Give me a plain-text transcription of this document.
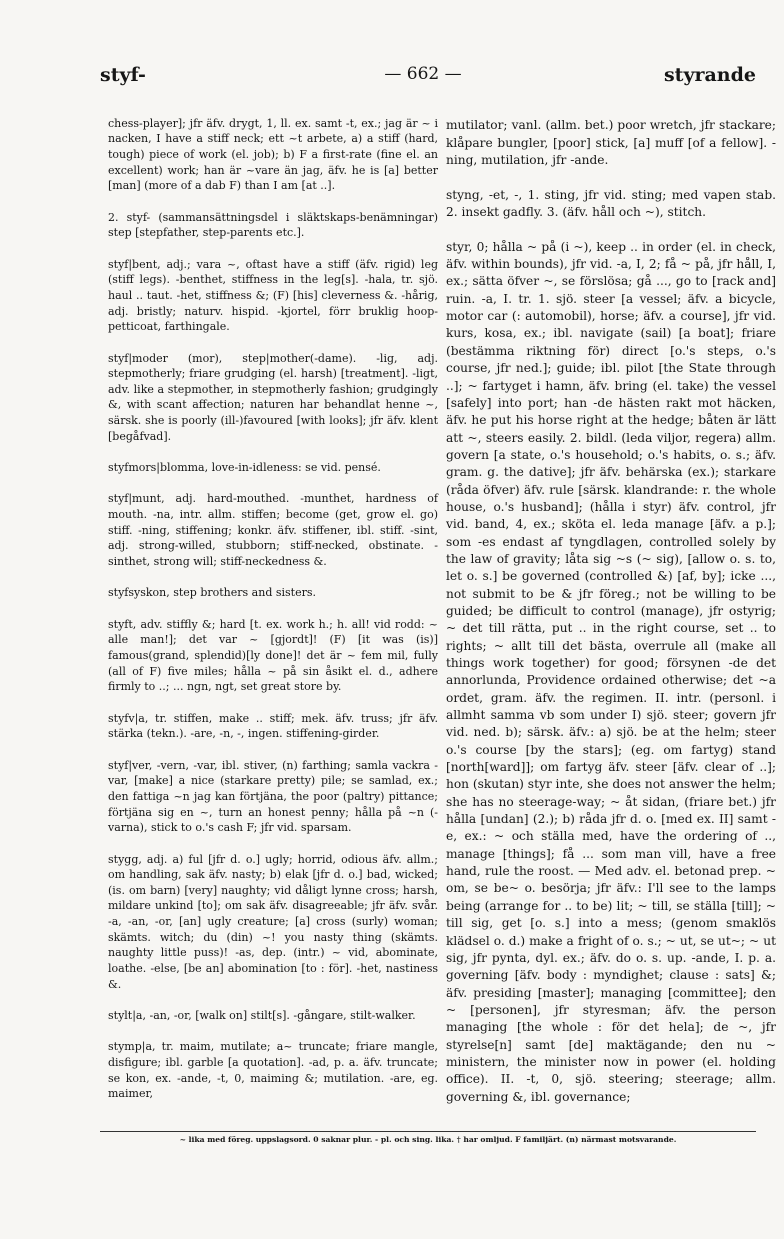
styf-	— 662 —	styrande

chess-player]; jfr äfv. drygt, 1, ll. ex. samt -t, ex.; jag är ~ i nacken, I have a stiff neck; ett ~t arbete, a) a stiff (hard, tough) piece of work (el. job); b) F a first-rate (fine el. an excellent) work; han är ~vare än jag, äfv. he is [a] better [man] (more of a dab F) than I am [at ..].

2. styf- (sammansättningsdel i släktskaps-benämningar) step [stepfather, step-parents etc.].

styf|bent, adj.; vara ~, oftast have a stiff (äfv. rigid) leg (stiff legs). -benthet, stiffness in the leg[s]. -hala, tr. sjö. haul .. taut. -het, stiffness &; (F) [his] cleverness &. -hårig, adj. bristly; naturv. hispid. -kjortel, förr bruklig hoop-petticoat, farthingale.

styf|moder (mor), step|mother(-dame). -lig, adj. stepmotherly; friare grudging (el. harsh) [treatment]. -ligt, adv. like a stepmother, in stepmotherly fashion; grudgingly &, with scant affection; naturen har behandlat henne ~, särsk. she is poorly (ill-)favoured [with looks]; jfr äfv. klent [begåfvad].

styfmors|blomma, love-in-idleness: se vid. pensé.

styf|munt, adj. hard-mouthed. -munthet, hardness of mouth. -na, intr. allm. stiffen; become (get, grow el. go) stiff. -ning, stiffening; konkr. äfv. stiffener, ibl. stiff. -sint, adj. strong-willed, stubborn; stiff-necked, obstinate. -sinthet, strong will; stiff-neckedness &.

styfsyskon, step brothers and sisters.

styft, adv. stiffly &; hard [t. ex. work h.; h. all! vid rodd: ~ alle man!]; det var ~ [gjordt]! (F) [it was (is)] famous(grand, splendid)[ly done]! det är ~ fem mil, fully (all of F) five miles; hålla ~ på sin åsikt el. d., adhere firmly to ..; ... ngn, ngt, set great store by.

styfv|a, tr. stiffen, make .. stiff; mek. äfv. truss; jfr äfv. stärka (tekn.). -are, -n, -, ingen. stiffening-girder.

styf|ver, -vern, -var, ibl. stiver, (n) farthing; samla vackra -var, [make] a nice (starkare pretty) pile; se samlad, ex.; den fattiga ~n jag kan förtjäna, the poor (paltry) pittance; förtjäna sig en ~, turn an honest penny; hålla på ~n (-varna), stick to o.'s cash F; jfr vid. sparsam.

stygg, adj. a) ful [jfr d. o.] ugly; horrid, odious äfv. allm.; om handling, sak äfv. nasty; b) elak [jfr d. o.] bad, wicked; (is. om barn) [very] naughty; vid dåligt lynne cross; harsh, mildare unkind [to]; om sak äfv. disagreeable; jfr äfv. svår. -a, -an, -or, [an] ugly creature; [a] cross (surly) woman; skämts. witch; du (din) ~! you nasty thing (skämts. naughty little puss)! -as, dep. (intr.) ~ vid, abominate, loathe. -else, [be an] abomination [to : för]. -het, nastiness &.

stylt|a, -an, -or, [walk on] stilt[s]. -gångare, stilt-walker.

stymp|a, tr. maim, mutilate; a~ truncate; friare mangle, disfigure; ibl. garble [a quotation]. -ad, p. a. äfv. truncate; se kon, ex. -ande, -t, 0, maiming &; mutilation. -are, eg. maimer,

mutilator; vanl. (allm. bet.) poor wretch, jfr stackare; klåpare bungler, [poor] stick, [a] muff [of a fellow]. -ning, mutilation, jfr -ande.

styng, -et, -, 1. sting, jfr vid. sting; med vapen stab. 2. insekt gadfly. 3. (äfv. håll och ~), stitch.

styr, 0; hålla ~ på (i ~), keep .. in order (el. in check, äfv. within bounds), jfr vid. -a, I, 2; få ~ på, jfr håll, I, ex.; sätta öfver ~, se förslösa; gå ..., go to [rack and] ruin. -a, I. tr. 1. sjö. steer [a vessel; äfv. a bicycle, motor car (: automobil), horse; äfv. a course], jfr vid. kurs, kosa, ex.; ibl. navigate (sail) [a boat]; friare (bestämma riktning för) direct [o.'s steps, o.'s course, jfr ned.]; guide; ibl. pilot [the State through ..]; ~ fartyget i hamn, äfv. bring (el. take) the vessel [safely] into port; han -de hästen rakt mot häcken, äfv. he put his horse right at the hedge; båten är lätt att ~, steers easily. 2. bildl. (leda viljor, regera) allm. govern [a state, o.'s household; o.'s habits, o. s.; äfv. gram. g. the dative]; jfr äfv. behärska (ex.); starkare (råda öfver) äfv. rule [särsk. klandrande: r. the whole house, o.'s husband]; (hålla i styr) äfv. control, jfr vid. band, 4, ex.; sköta el. leda manage [äfv. a p.]; som -es endast af tyngdlagen, controlled solely by the law of gravity; låta sig ~s (~ sig), [allow o. s. to, let o. s.] be governed (controlled &) [af, by]; icke ..., not submit to be & jfr föreg.; not be willing to be guided; be difficult to control (manage), jfr ostyrig; ~ det till rätta, put .. in the right course, set .. to rights; ~ allt till det bästa, overrule all (make all things work together) for good; försynen -de det annorlunda, Providence ordained otherwise; det ~a ordet, gram. äfv. the regimen. II. intr. (personl. i allmht samma vb som under I) sjö. steer; govern jfr vid. ned. b); särsk. äfv.: a) sjö. be at the helm; steer o.'s course [by the stars]; (eg. om fartyg) stand [north[ward]]; om fartyg äfv. steer [äfv. clear of ..]; hon (skutan) styr inte, she does not answer the helm; she has no steerage-way; ~ åt sidan, (friare bet.) jfr hålla [undan] (2.); b) råda jfr d. o. [med ex. II] samt -e, ex.: ~ och ställa med, have the ordering of .., manage [things]; få ... som man vill, have a free hand, rule the roost. — Med adv. el. betonad prep. ~ om, se be~ o. besörja; jfr äfv.: I'll see to the lamps being (arrange for .. to be) lit; ~ till, se ställa [till]; ~ till sig, get [o. s.] into a mess; (genom smaklös klädsel o. d.) make a fright of o. s.; ~ ut, se ut~; ~ ut sig, jfr pynta, dyl. ex.; äfv. do o. s. up. -ande, I. p. a. governing [äfv. body : myndighet; clause : sats] &; äfv. presiding [master]; managing [committee]; den ~ [personen], jfr styresman; äfv. the person managing [the whole : för det hela]; de ~, jfr styrelse[n] samt [de] maktägande; den nu ~ ministern, the minister now in power (el. holding office). II. -t, 0, sjö. steering; steerage; allm. governing &, ibl. governance;

~ lika med föreg. uppslagsord. 0 saknar plur. - pl. och sing. lika. † har omljud. F familjärt. (n) närmast motsvarande.
